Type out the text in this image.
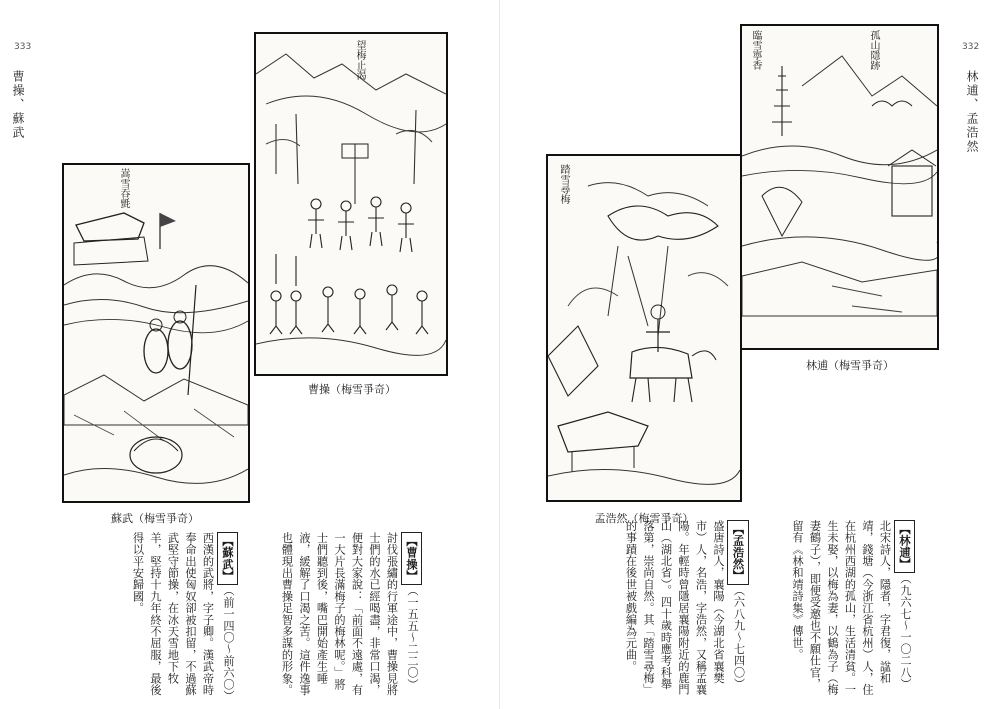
333	332
曹操、蘇武	林逋、孟浩然
嵩雪吞氈
蘇武（梅雪爭奇）
望梅止渴
曹操（梅雪爭奇）
踏雪尋梅
孟浩然（梅雪爭奇）
孤山隱跡
臨雪寧香
林逋（梅雪爭奇）

【曹操】（一五五～二二〇）討伐張繡的行軍途中，曹操見將士們的水已經喝盡，非常口渴，便對大家說：「前面不遠處，有一大片長滿梅子的梅林呢。」將士們聽到後，嘴巴開始產生唾液，緩解了口渴之苦。這件逸事也體現出曹操足智多謀的形象。

【蘇武】（前一四〇～前六〇）西漢的武將，字子卿。漢武帝時奉命出使匈奴卻被扣留，不過蘇武堅守節操，在冰天雪地下牧羊，堅持十九年終不屈服，最後得以平安歸國。

	【林逋】（九六七～一〇二八）北宋詩人，隱者，字君復，諡和靖，錢塘（今浙江省杭州）人，住在杭州西湖的孤山，生活清貧。一生未娶，以梅為妻，以鶴為子（梅妻鶴子），即便受邀也不願仕官，留有《林和靖詩集》傳世。

【孟浩然】（六八九～七四〇）盛唐詩人，襄陽（今湖北省襄樊市）人，名浩，字浩然，又稱孟襄陽。年輕時曾隱居襄陽附近的鹿門山（湖北省）。四十歲時應考科舉落第，崇尚自然。其「踏雪尋梅」的事蹟在後世被戲編為元曲。
